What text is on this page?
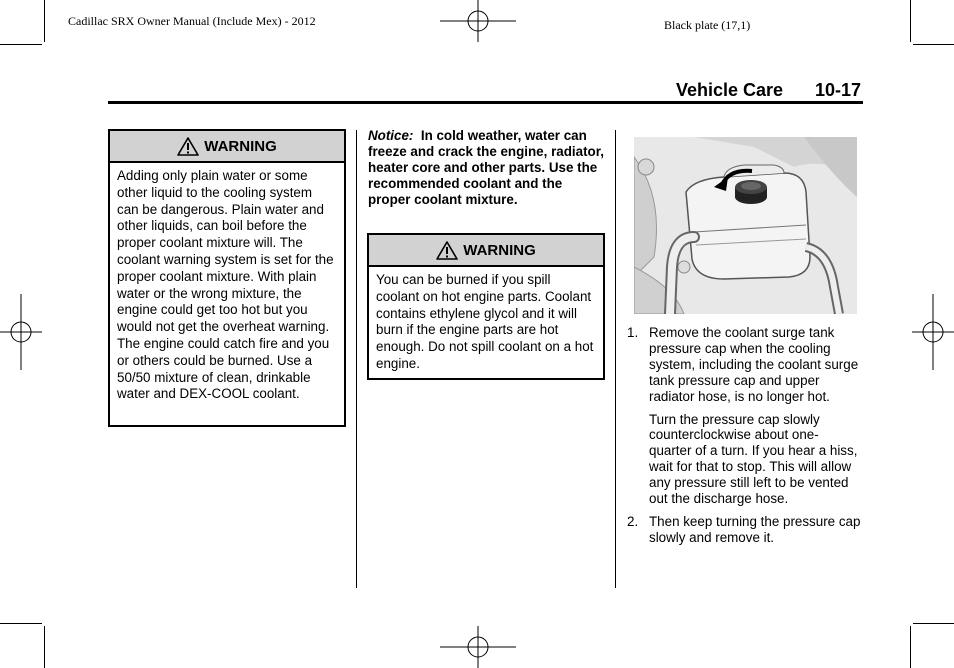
Cadillac SRX Owner Manual (Include Mex) - 2012	Black plate (17,1)
Vehicle Care 10-17
WARNING
Adding only plain water or some other liquid to the cooling system can be dangerous. Plain water and other liquids, can boil before the proper coolant mixture will. The coolant warning system is set for the proper coolant mixture. With plain water or the wrong mixture, the engine could get too hot but you would not get the overheat warning. The engine could catch fire and you or others could be burned. Use a 50/50 mixture of clean, drinkable water and DEX-COOL coolant.
Notice: In cold weather, water can freeze and crack the engine, radiator, heater core and other parts. Use the recommended coolant and the proper coolant mixture.
WARNING
You can be burned if you spill coolant on hot engine parts. Coolant contains ethylene glycol and it will burn if the engine parts are hot enough. Do not spill coolant on a hot engine.
1. Remove the coolant surge tank pressure cap when the cooling system, including the coolant surge tank pressure cap and upper radiator hose, is no longer hot.
Turn the pressure cap slowly counterclockwise about one-quarter of a turn. If you hear a hiss, wait for that to stop. This will allow any pressure still left to be vented out the discharge hose.
2. Then keep turning the pressure cap slowly and remove it.
